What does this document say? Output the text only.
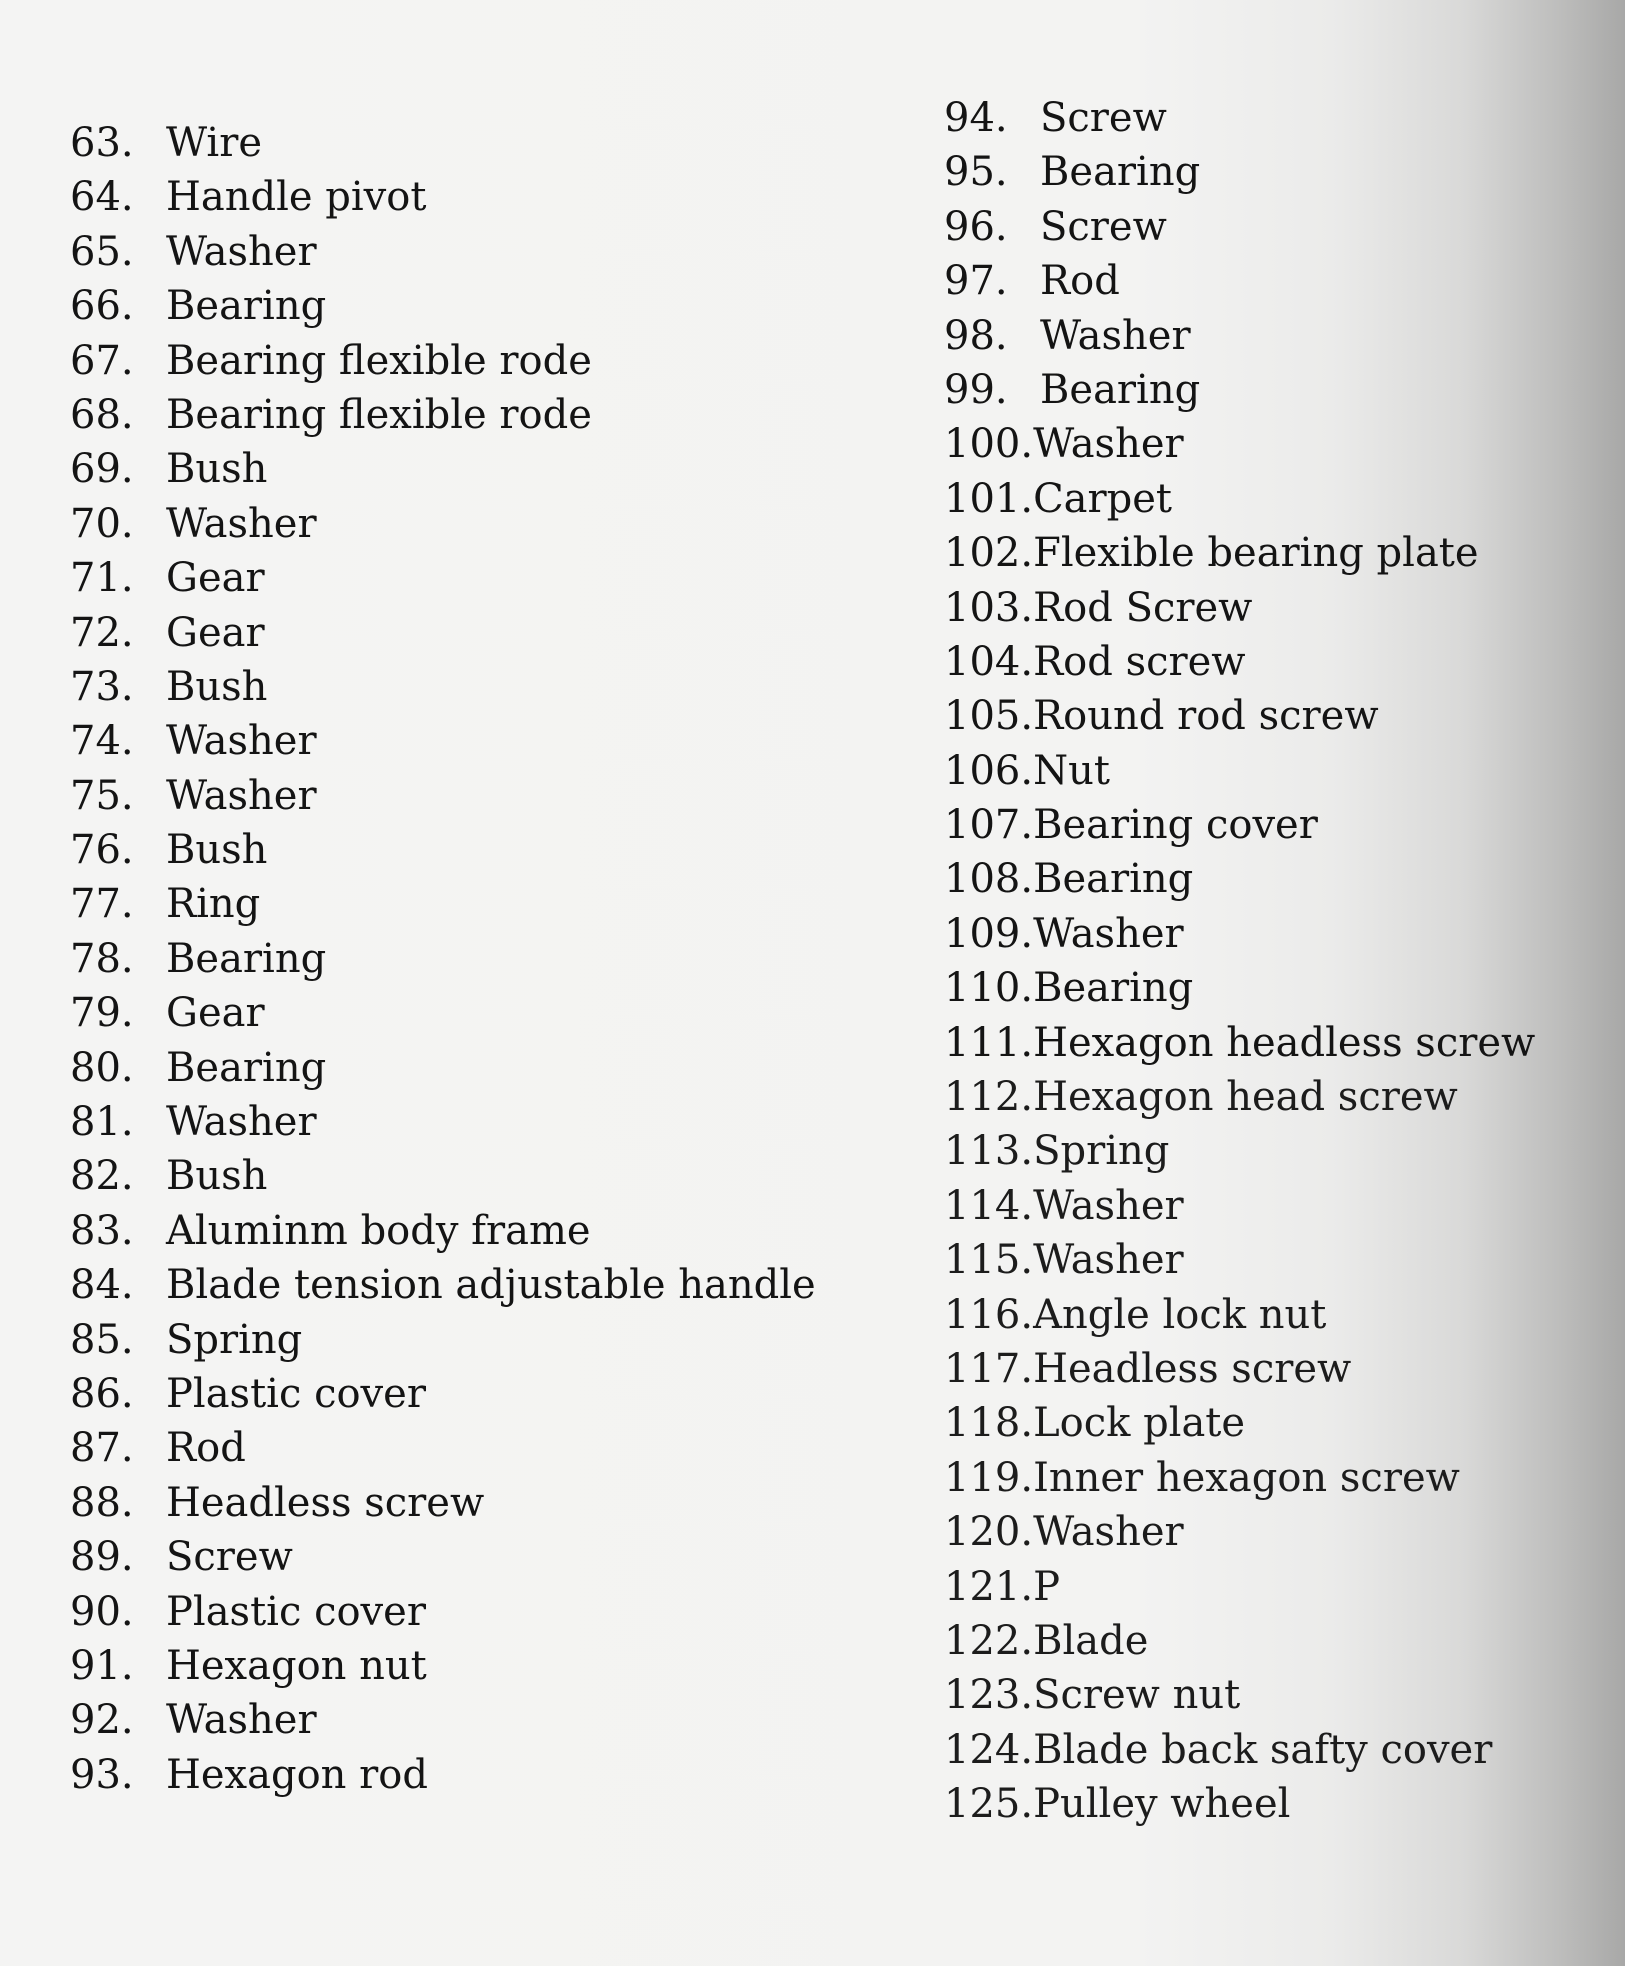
63. Wire
64. Handle pivot
65. Washer
66. Bearing
67. Bearing flexible rode
68. Bearing flexible rode
69. Bush
70. Washer
71. Gear
72. Gear
73. Bush
74. Washer
75. Washer
76. Bush
77. Ring
78. Bearing
79. Gear
80. Bearing
81. Washer
82. Bush
83. Aluminm body frame
84. Blade tension adjustable handle
85. Spring
86. Plastic cover
87. Rod
88. Headless screw
89. Screw
90. Plastic cover
91. Hexagon nut
92. Washer
93. Hexagon rod
94. Screw
95. Bearing
96. Screw
97. Rod
98. Washer
99. Bearing
100. Washer
101. Carpet
102. Flexible bearing plate
103. Rod Screw
104. Rod screw
105. Round rod screw
106. Nut
107. Bearing cover
108. Bearing
109. Washer
110. Bearing
111. Hexagon headless screw
112. Hexagon head screw
113. Spring
114. Washer
115. Washer
116. Angle lock nut
117. Headless screw
118. Lock plate
119. Inner hexagon screw
120. Washer
121. P
122. Blade
123. Screw nut
124. Blade back safty cover
125. Pulley wheel
